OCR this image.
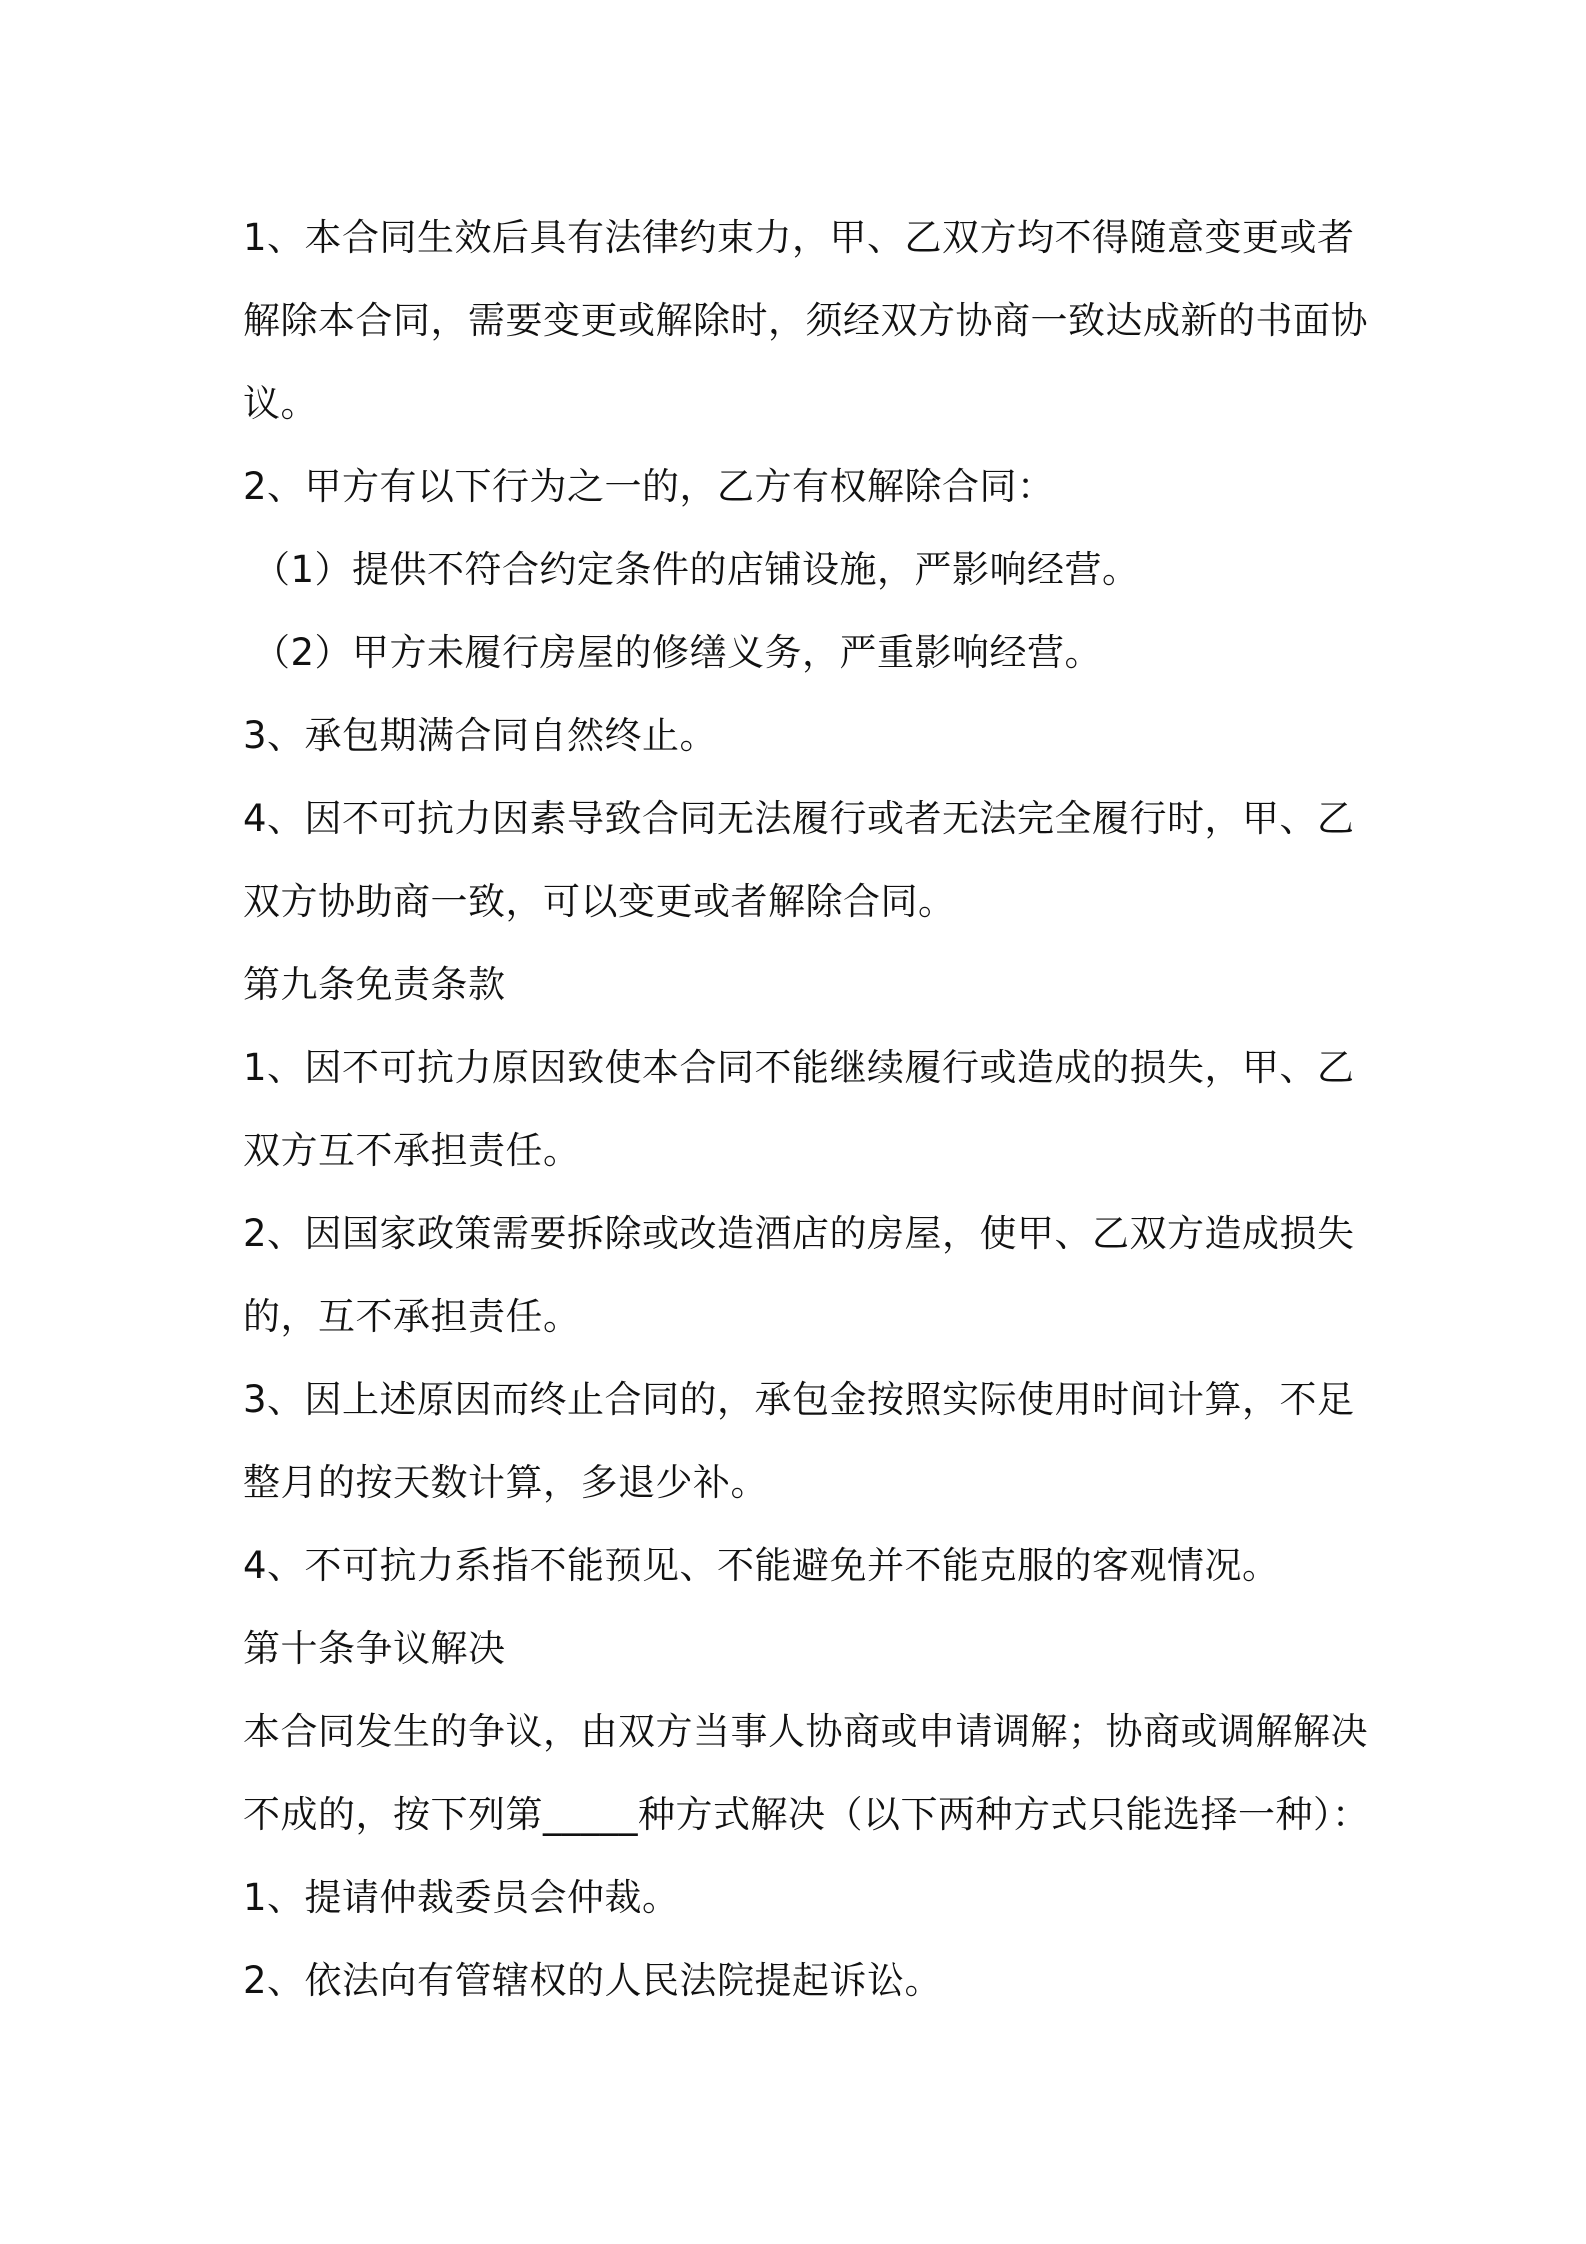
1、本合同生效后具有法律约束力，甲、乙双方均不得随意变更或者
解除本合同，需要变更或解除时，须经双方协商一致达成新的书面协
议。
2、甲方有以下行为之一的，乙方有权解除合同：
（1）提供不符合约定条件的店铺设施，严影响经营。
（2）甲方未履行房屋的修缮义务，严重影响经营。
3、承包期满合同自然终止。
4、因不可抗力因素导致合同无法履行或者无法完全履行时，甲、乙
双方协助商一致，可以变更或者解除合同。
第九条免责条款
1、因不可抗力原因致使本合同不能继续履行或造成的损失，甲、乙
双方互不承担责任。
2、因国家政策需要拆除或改造酒店的房屋，使甲、乙双方造成损失
的，互不承担责任。
3、因上述原因而终止合同的，承包金按照实际使用时间计算，不足
整月的按天数计算，多退少补。
4、不可抗力系指不能预见、不能避免并不能克服的客观情况。
第十条争议解决
本合同发生的争议，由双方当事人协商或申请调解；协商或调解解决
不成的，按下列第_____种方式解决（以下两种方式只能选择一种）：
1、提请仲裁委员会仲裁。
2、依法向有管辖权的人民法院提起诉讼。
